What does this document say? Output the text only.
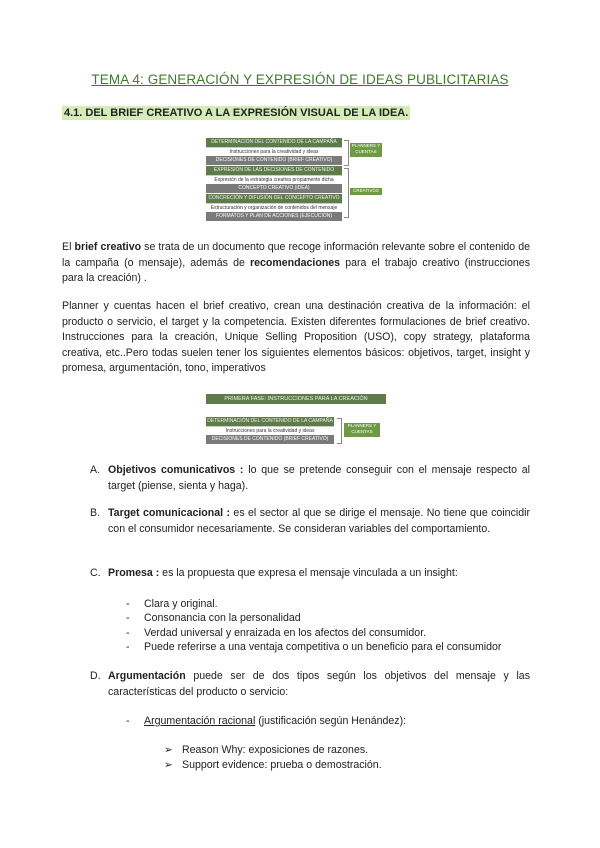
TEMA 4: GENERACIÓN Y EXPRESIÓN DE IDEAS PUBLICITARIAS
4.1. DEL BRIEF CREATIVO A LA EXPRESIÓN VISUAL DE LA IDEA.
DETERMINACIÓN DEL CONTENIDO DE LA CAMPAÑA
Instrucciones para la creatividad y ideas
DECISIONES DE CONTENIDO (BRIEF CREATIVO)
EXPRESIÓN DE LAS DECISIONES DE CONTENIDO
Expresión de la estrategia creativa propiamente dicha
CONCEPTO CREATIVO (IDEA)
CONCRECIÓN Y DIFUSIÓN DEL CONCEPTO CREATIVO
Estructuración y organización de contenidos del mensaje
FORMATOS Y PLAN DE ACCIONES (EJECUCIÓN)
PLANNERS Y CUENTAS
CREATIVOS

El brief creativo se trata de un documento que recoge información relevante sobre el contenido de la campaña (o mensaje), además de recomendaciones para el trabajo creativo (instrucciones para la creación) .

Planner y cuentas hacen el brief creativo, crean una destinación creativa de la información: el producto o servicio, el target y la competencia. Existen diferentes formulaciones de brief creativo. Instrucciones para la creación, Unique Selling Proposition (USO), copy strategy, plataforma creativa, etc..Pero todas suelen tener los siguientes elementos básicos: objetivos, target, insight y promesa, argumentación, tono, imperativos

PRIMERA FASE: INSTRUCCIONES PARA LA CREACIÓN
DETERMINACIÓN DEL CONTENIDO DE LA CAMPAÑA
Instrucciones para la creatividad y ideas
DECISIONES DE CONTENIDO (BRIEF CREATIVO)
PLANNERS Y CUENTAS
A. Objetivos comunicativos : lo que se pretende conseguir con el mensaje respecto al target (piense, sienta y haga).
B. Target comunicacional : es el sector al que se dirige el mensaje. No tiene que coincidir con el consumidor necesariamente. Se consideran variables del comportamiento.
C. Promesa : es la propuesta que expresa el mensaje vinculada a un insight:
- Clara y original.
- Consonancia con la personalidad
- Verdad universal y enraizada en los afectos del consumidor.
- Puede referirse a una ventaja competitiva o un beneficio para el consumidor
D. Argumentación puede ser de dos tipos según los objetivos del mensaje y las características del producto o servicio:
- Argumentación racional (justificación según Henández):
➢ Reason Why: exposiciones de razones.
➢ Support evidence: prueba o demostración.
